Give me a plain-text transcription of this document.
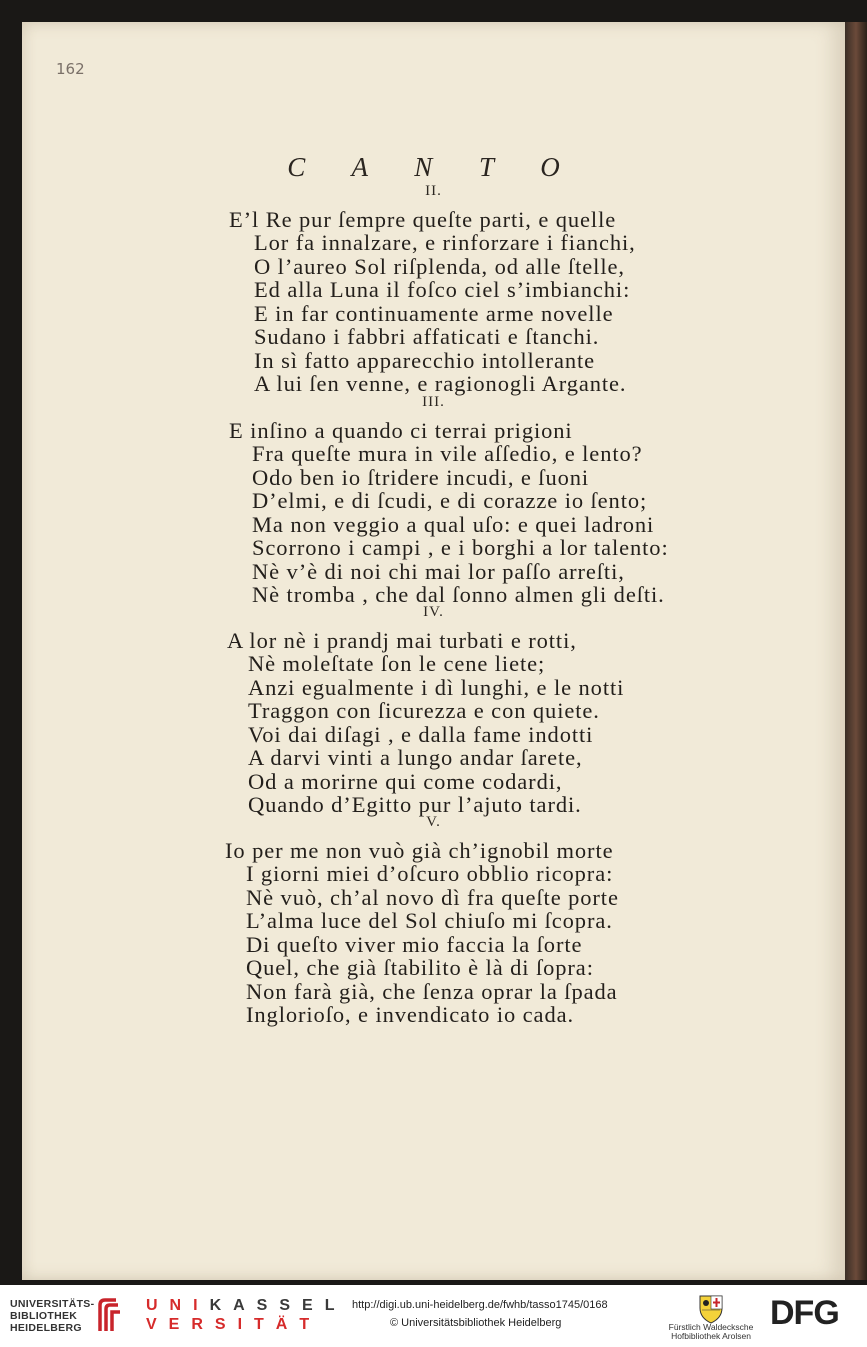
162
C A N T O
II.
E’l Re pur ſempre queſte parti, e quelle
Lor fa innalzare, e rinforzare i fianchi,
O l’aureo Sol riſplenda, od alle ſtelle,
Ed alla Luna il foſco ciel s’imbianchi:
E in far continuamente arme novelle
Sudano i fabbri affaticati e ſtanchi.
In sì fatto apparecchio intollerante
A lui ſen venne, e ragionogli Argante.
III.
E inſino a quando ci terrai prigioni
Fra queſte mura in vile aſſedio, e lento?
Odo ben io ſtridere incudi, e ſuoni
D’elmi, e di ſcudi, e di corazze io ſento;
Ma non veggio a qual uſo: e quei ladroni
Scorrono i campi , e i borghi a lor talento:
Nè v’è di noi chi mai lor paſſo arreſti,
Nè tromba , che dal ſonno almen gli deſti.
IV.
A lor nè i prandj mai turbati e rotti,
Nè moleſtate ſon le cene liete;
Anzi egualmente i dì lunghi, e le notti
Traggon con ſicurezza e con quiete.
Voi dai diſagi , e dalla fame indotti
A darvi vinti a lungo andar ſarete,
Od a morirne qui come codardi,
Quando d’Egitto pur l’ajuto tardi.
V.
Io per me non vuò già ch’ignobil morte
I giorni miei d’oſcuro obblio ricopra:
Nè vuò, ch’al novo dì fra queſte porte
L’alma luce del Sol chiuſo mi ſcopra.
Di queſto viver mio faccia la ſorte
Quel, che già ſtabilito è là di ſopra:
Non farà già, che ſenza oprar la ſpada
Inglorioſo, e invendicato io cada.
UNIVERSITÄTS-
BIBLIOTHEK
HEIDELBERG
UNIKASSEL
VERSITÄT
http://digi.ub.uni-heidelberg.de/fwhb/tasso1745/0168
© Universitätsbibliothek Heidelberg	Fürstlich Waldecksche
Hofbibliothek Arolsen
DFG
